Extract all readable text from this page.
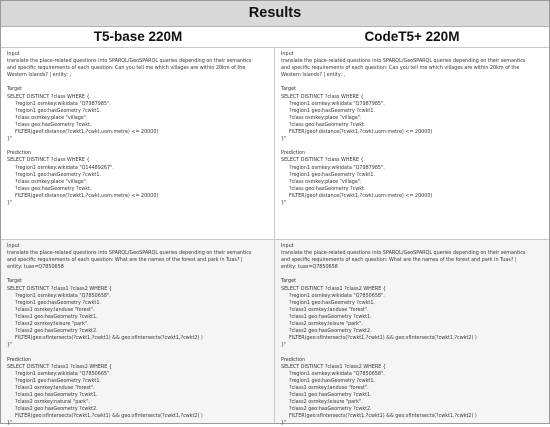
Results
T5-base 220M	CodeT5+ 220M
Input
translate the place-related questions into SPARQL/GeoSPARQL queries depending on their semantics
and specific requirements of each question: Can you tell me which villages are within 20km of the
Western Islands? | entity: ,
Target
SELECT DISTINCT ?class WHERE {
?region1 osmkey:wikidata "Q7987985".
?region1 geo:hasGeometry ?cwkt1.
?class osmkey:place "village".
?class geo:hasGeometry ?cwkt.
FILTER(geof:distance(?cwkt1,?cwkt,uom:metre) <= 20000)
}"
Prediction
SELECT DISTINCT ?class WHERE {
?region1 osmkey:wikidata "Q14489267".
?region1 geo:hasGeometry ?cwkt1.
?class osmkey:place "village".
?class geo:hasGeometry ?cwkt.
FILTER(geof:distance(?cwkt1,?cwkt,uom:metre) <= 20000)
}"
Input
translate the place-related questions into SPARQL/GeoSPARQL queries depending on their semantics
and specific requirements of each question: Can you tell me which villages are within 20km of the
Western Islands? | entity: ,
Target
SELECT DISTINCT ?class WHERE {
?region1 osmkey:wikidata "Q7987985".
?region1 geo:hasGeometry ?cwkt1.
?class osmkey:place "village".
?class geo:hasGeometry ?cwkt.
FILTER(geof:distance(?cwkt1,?cwkt,uom:metre) <= 20000)
}"
Prediction
SELECT DISTINCT ?class WHERE {
?region1 osmkey:wikidata "Q7987985".
?region1 geo:hasGeometry ?cwkt1.
?class osmkey:place "village".
?class geo:hasGeometry ?cwkt.
FILTER(geof:distance(?cwkt1,?cwkt,uom:metre) <= 20000)
}"
Input
translate the place-related questions into SPARQL/GeoSPARQL queries depending on their semantics
and specific requirements of each question: What are the names of the forest and park in Tuas? |
entity: tuas=Q7850658
Target
SELECT DISTINCT ?class1 ?class2 WHERE {
?region1 osmkey:wikidata "Q7850658".
?region1 geo:hasGeometry ?cwkt1.
?class1 osmkey:landuse "forest".
?class1 geo:hasGeometry ?cwkt1.
?class2 osmkey:leisure "park".
?class2 geo:hasGeometry ?cwkt2.
FILTER(geo:sfIntersects(?cwkt1,?cwkt1) && geo:sfIntersects(?cwkt1,?cwkt2) )
}"
Prediction
SELECT DISTINCT ?class1 ?class2 WHERE {
?region1 osmkey:wikidata "Q7850665".
?region1 geo:hasGeometry ?cwkt1.
?class1 osmkey:landuse "forest".
?class1 geo:hasGeometry ?cwkt1.
?class2 osmkey:natural "park".
?class2 geo:hasGeometry ?cwkt2.
FILTER(geo:sfIntersects(?cwkt1,?cwkt1) && geo:sfIntersects(?cwkt1,?cwkt2) )
}"
Input
translate the place-related questions into SPARQL/GeoSPARQL queries depending on their semantics
and specific requirements of each question: What are the names of the forest and park in Tuas? |
entity: tuas=Q7850658
Target
SELECT DISTINCT ?class1 ?class2 WHERE {
?region1 osmkey:wikidata "Q7850658".
?region1 geo:hasGeometry ?cwkt1.
?class1 osmkey:landuse "forest".
?class1 geo:hasGeometry ?cwkt1.
?class2 osmkey:leisure "park".
?class2 geo:hasGeometry ?cwkt2.
FILTER(geo:sfIntersects(?cwkt1,?cwkt1) && geo:sfIntersects(?cwkt1,?cwkt2) )
}"
Prediction
SELECT DISTINCT ?class1 ?class2 WHERE {
?region1 osmkey:wikidata "Q7850658".
?region1 geo:hasGeometry ?cwkt1.
?class1 osmkey:landuse "forest".
?class1 geo:hasGeometry ?cwkt1.
?class2 osmkey:leisure "park".
?class2 geo:hasGeometry ?cwkt2.
FILTER(geo:sfIntersects(?cwkt1,?cwkt1) && geo:sfIntersects(?cwkt1,?cwkt2) )
}"
